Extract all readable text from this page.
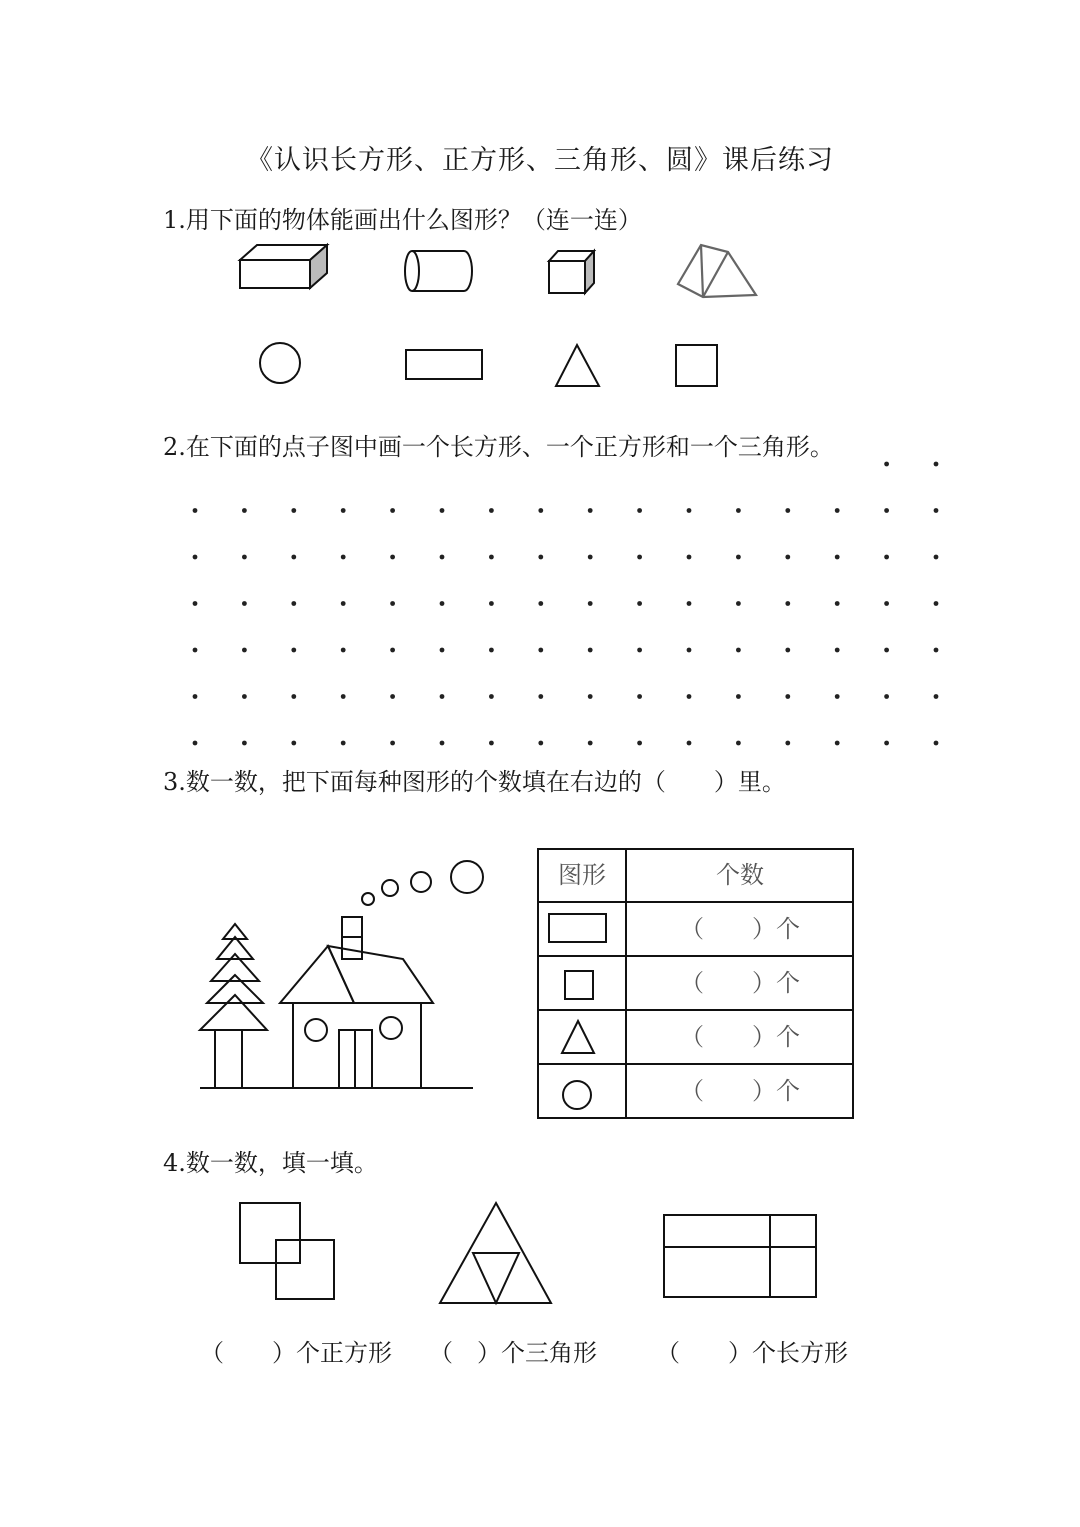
《认识长方形、正方形、三角形、圆》课后练习
1.用下面的物体能画出什么图形？（连一连）
2.在下面的点子图中画一个长方形、一个正方形和一个三角形。
3.数一数，把下面每种图形的个数填在右边的（　　）里。
图形	个数
（　　）个
（　　）个
（　　）个
（　　）个
4.数一数，填一填。
（　　）个正方形 （　）个三角形 （　　）个长方形
